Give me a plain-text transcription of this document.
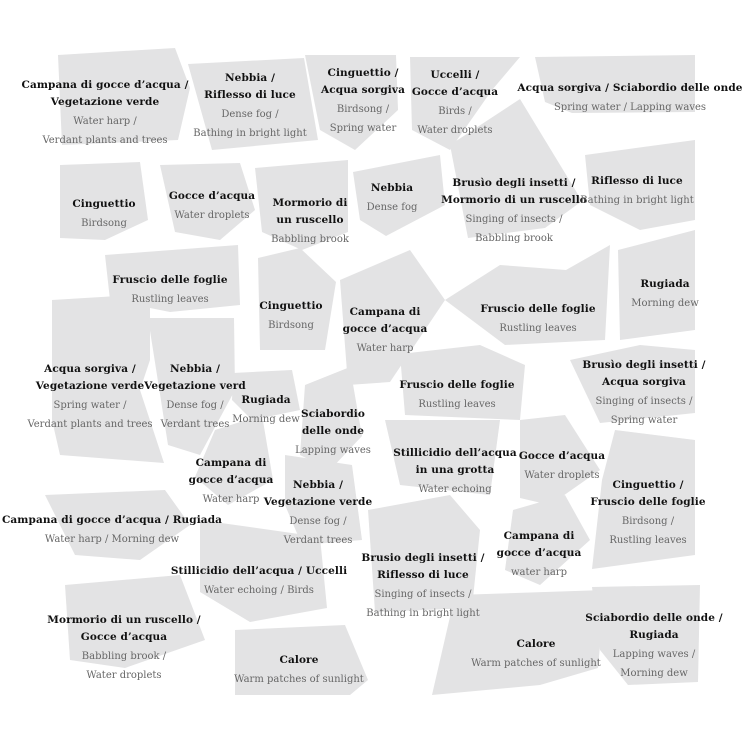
Campana di gocce d’acqua /
Vegetazione verde
Water harp /
Verdant plants and trees
Nebbia /
Riflesso di luce
Dense fog /
Bathing in bright light
Cinguettio /
Acqua sorgiva
Birdsong /
Spring water
Uccelli /
Gocce d’acqua
Birds /
Water droplets
Acqua sorgiva / Sciabordio delle onde
Spring water / Lapping waves
Cinguettio
Birdsong
Gocce d’acqua
Water droplets
Mormorio di
un ruscello
Babbling brook
Nebbia
Dense fog
Brusìo degli insetti /
Mormorio di un ruscello
Singing of insects /
Babbling brook
Riflesso di luce
Bathing in bright light
Fruscio delle foglie
Rustling leaves
Rugiada
Morning dew
Cinguettio
Birdsong
Campana di
gocce d’acqua
Water harp
Fruscio delle foglie
Rustling leaves
Acqua sorgiva /
Vegetazione verde
Spring water /
Verdant plants and trees
Nebbia /
Vegetazione verd
Dense fog /
Verdant trees
Brusìo degli insetti /
Acqua sorgiva
Singing of insects /
Spring water
Rugiada
Morning dew Sciabordio
delle onde
Lapping waves
Fruscio delle foglie
Rustling leaves
Stillicidio dell’acqua
in una grotta
Water echoing
Gocce d’acqua
Water droplets
Campana di
gocce d’acqua
Water harp
Cinguettio /
Fruscio delle foglie
Birdsong /
Rustling leaves
Nebbia /
Vegetazione verde
Dense fog /
Verdant trees
Campana di gocce d’acqua / Rugiada
Water harp / Morning dew	Campana di
gocce d’acqua
water harp
Brusio degli insetti /
Riflesso di luce
Singing of insects /
Bathing in bright light
Stillicidio dell’acqua / Uccelli
Water echoing / Birds
Mormorio di un ruscello /
Gocce d’acqua
Babbling brook /
Water droplets
Sciabordio delle onde /
Rugiada
Lapping waves /
Morning dew
Calore
Warm patches of sunlight
Calore
Warm patches of sunlight
